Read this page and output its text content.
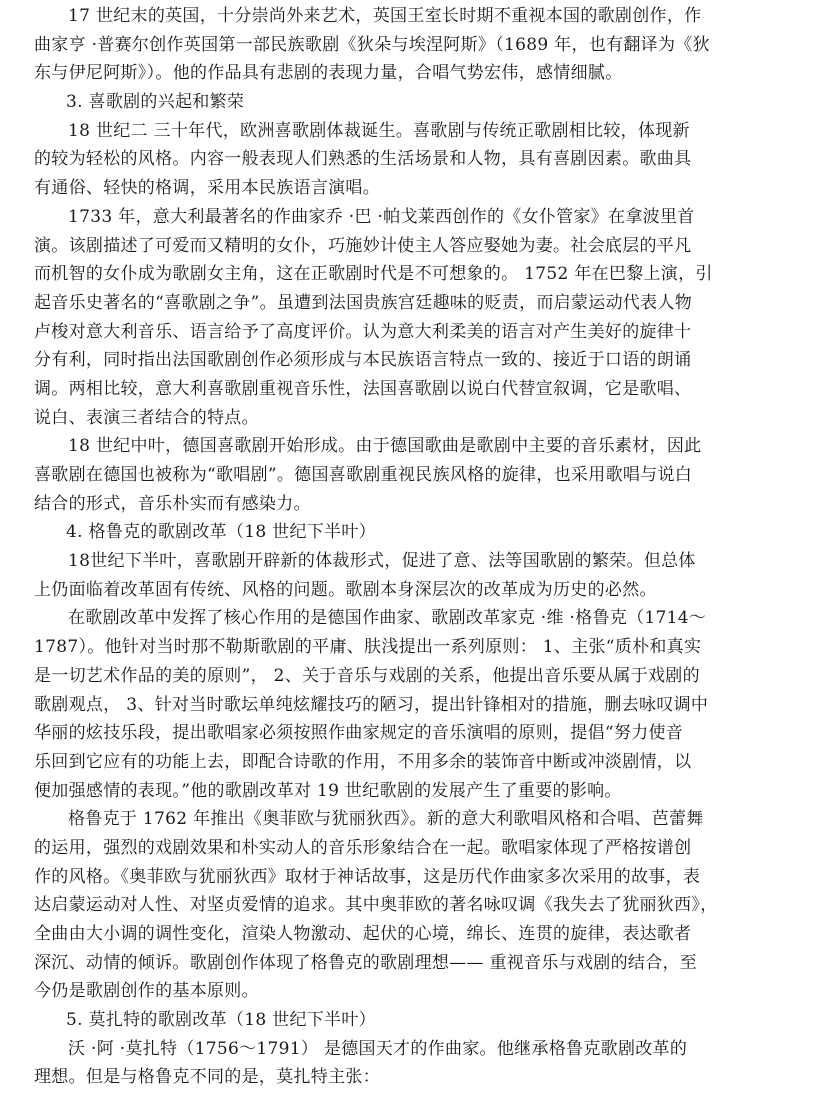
17 世纪末的英国，十分崇尚外来艺术，英国王室长时期不重视本国的歌剧创作，作
曲家亨 ·普赛尔创作英国第一部民族歌剧《狄朵与埃涅阿斯》（1689 年，也有翻译为《狄
东与伊尼阿斯》）。他的作品具有悲剧的表现力量，合唱气势宏伟，感情细腻。
3. 喜歌剧的兴起和繁荣
18 世纪二 三十年代，欧洲喜歌剧体裁诞生。喜歌剧与传统正歌剧相比较，体现新
的较为轻松的风格。内容一般表现人们熟悉的生活场景和人物，具有喜剧因素。歌曲具
有通俗、轻快的格调，采用本民族语言演唱。
1733 年，意大利最著名的作曲家乔 ·巴 ·帕戈莱西创作的《女仆管家》在拿波里首
演。该剧描述了可爱而又精明的女仆，巧施妙计使主人答应娶她为妻。社会底层的平凡
而机智的女仆成为歌剧女主角，这在正歌剧时代是不可想象的。 1752 年在巴黎上演，引
起音乐史著名的“喜歌剧之争”。虽遭到法国贵族宫廷趣味的贬责，而启蒙运动代表人物
卢梭对意大利音乐、语言给予了高度评价。认为意大利柔美的语言对产生美好的旋律十
分有利，同时指出法国歌剧创作必须形成与本民族语言特点一致的、接近于口语的朗诵
调。两相比较，意大利喜歌剧重视音乐性，法国喜歌剧以说白代替宣叙调，它是歌唱、
说白、表演三者结合的特点。
18 世纪中叶，德国喜歌剧开始形成。由于德国歌曲是歌剧中主要的音乐素材，因此
喜歌剧在德国也被称为“歌唱剧”。德国喜歌剧重视民族风格的旋律，也采用歌唱与说白
结合的形式，音乐朴实而有感染力。
4. 格鲁克的歌剧改革（18 世纪下半叶）
18世纪下半叶，喜歌剧开辟新的体裁形式，促进了意、法等国歌剧的繁荣。但总体
上仍面临着改革固有传统、风格的问题。歌剧本身深层次的改革成为历史的必然。
在歌剧改革中发挥了核心作用的是德国作曲家、歌剧改革家克 ·维 ·格鲁克（1714～
1787）。他针对当时那不勒斯歌剧的平庸、肤浅提出一系列原则： 1、主张“质朴和真实
是一切艺术作品的美的原则”， 2、关于音乐与戏剧的关系，他提出音乐要从属于戏剧的
歌剧观点， 3、针对当时歌坛单纯炫耀技巧的陋习，提出针锋相对的措施，删去咏叹调中
华丽的炫技乐段，提出歌唱家必须按照作曲家规定的音乐演唱的原则，提倡“努力使音
乐回到它应有的功能上去，即配合诗歌的作用，不用多余的装饰音中断或冲淡剧情，以
便加强感情的表现。”他的歌剧改革对 19 世纪歌剧的发展产生了重要的影响。
格鲁克于 1762 年推出《奥菲欧与犹丽狄西》。新的意大利歌唱风格和合唱、芭蕾舞
的运用，强烈的戏剧效果和朴实动人的音乐形象结合在一起。歌唱家体现了严格按谱创
作的风格。《奥菲欧与犹丽狄西》取材于神话故事，这是历代作曲家多次采用的故事，表
达启蒙运动对人性、对坚贞爱情的追求。其中奥菲欧的著名咏叹调《我失去了犹丽狄西》，
全曲由大小调的调性变化，渲染人物激动、起伏的心境，绵长、连贯的旋律，表达歌者
深沉、动情的倾诉。歌剧创作体现了格鲁克的歌剧理想—— 重视音乐与戏剧的结合，至
今仍是歌剧创作的基本原则。
5. 莫扎特的歌剧改革（18 世纪下半叶）
沃 ·阿 ·莫扎特（1756～1791） 是德国天才的作曲家。他继承格鲁克歌剧改革的
理想。但是与格鲁克不同的是，莫扎特主张：
